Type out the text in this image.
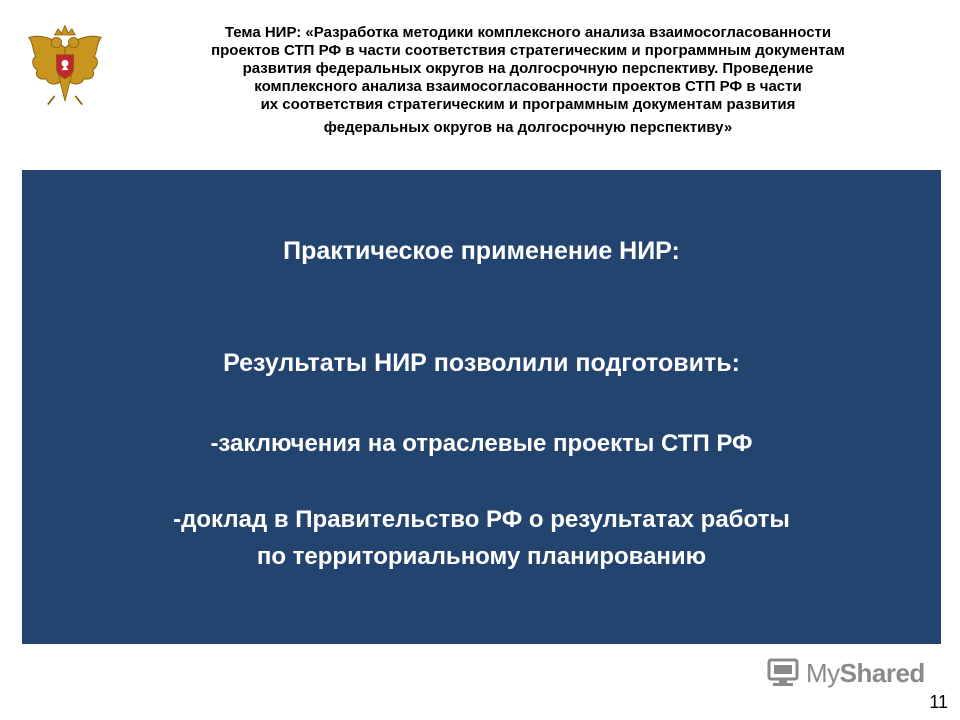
Тема НИР: «Разработка методики комплексного анализа взаимосогласованности
проектов СТП РФ в части соответствия стратегическим и программным документам
развития федеральных округов на долгосрочную перспективу. Проведение
комплексного анализа взаимосогласованности проектов СТП РФ в части
их соответствия стратегическим и программным документам развития
федеральных округов на долгосрочную перспективу»
Практическое применение НИР:
Результаты НИР позволили подготовить:
-заключения на отраслевые проекты СТП РФ
-доклад в Правительство РФ о результатах работы
по территориальному планированию
MyShared
11
